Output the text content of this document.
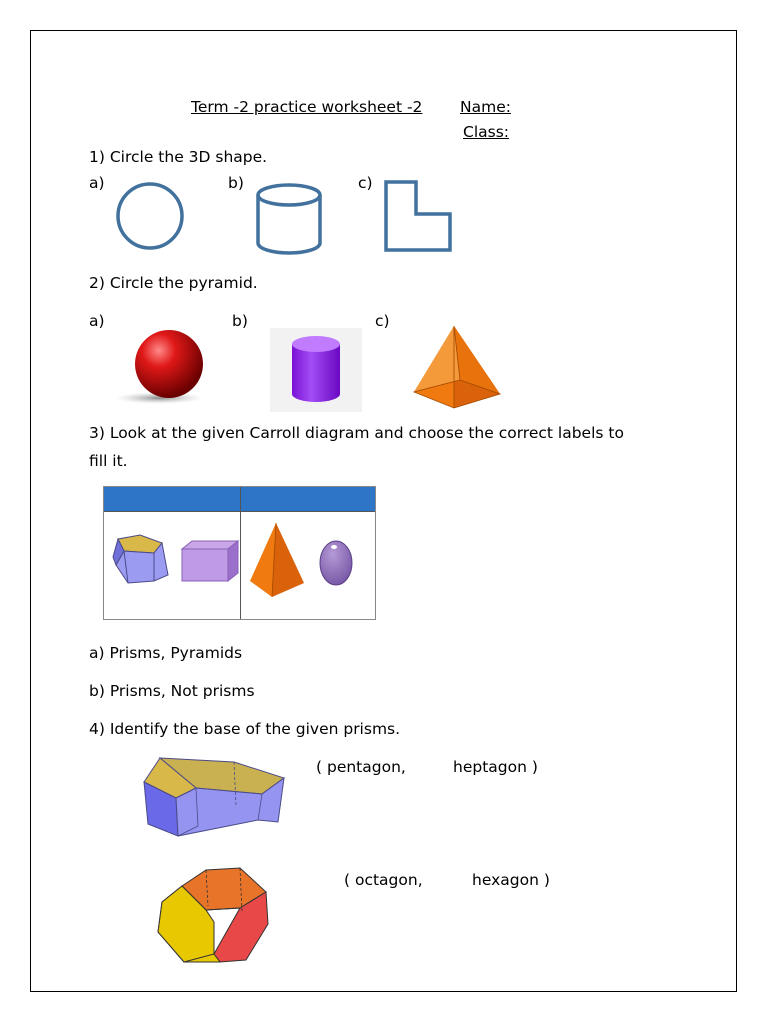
Term -2 practice worksheet -2 Name:
Class:
1) Circle the 3D shape.
a)	b)	c)
2) Circle the pyramid.
a)	b)	c)
3) Look at the given Carroll diagram and choose the correct labels to
fill it.
a) Prisms, Pyramids
b) Prisms, Not prisms
4) Identify the base of the given prisms.
( pentagon,	heptagon )
( octagon,	hexagon )
